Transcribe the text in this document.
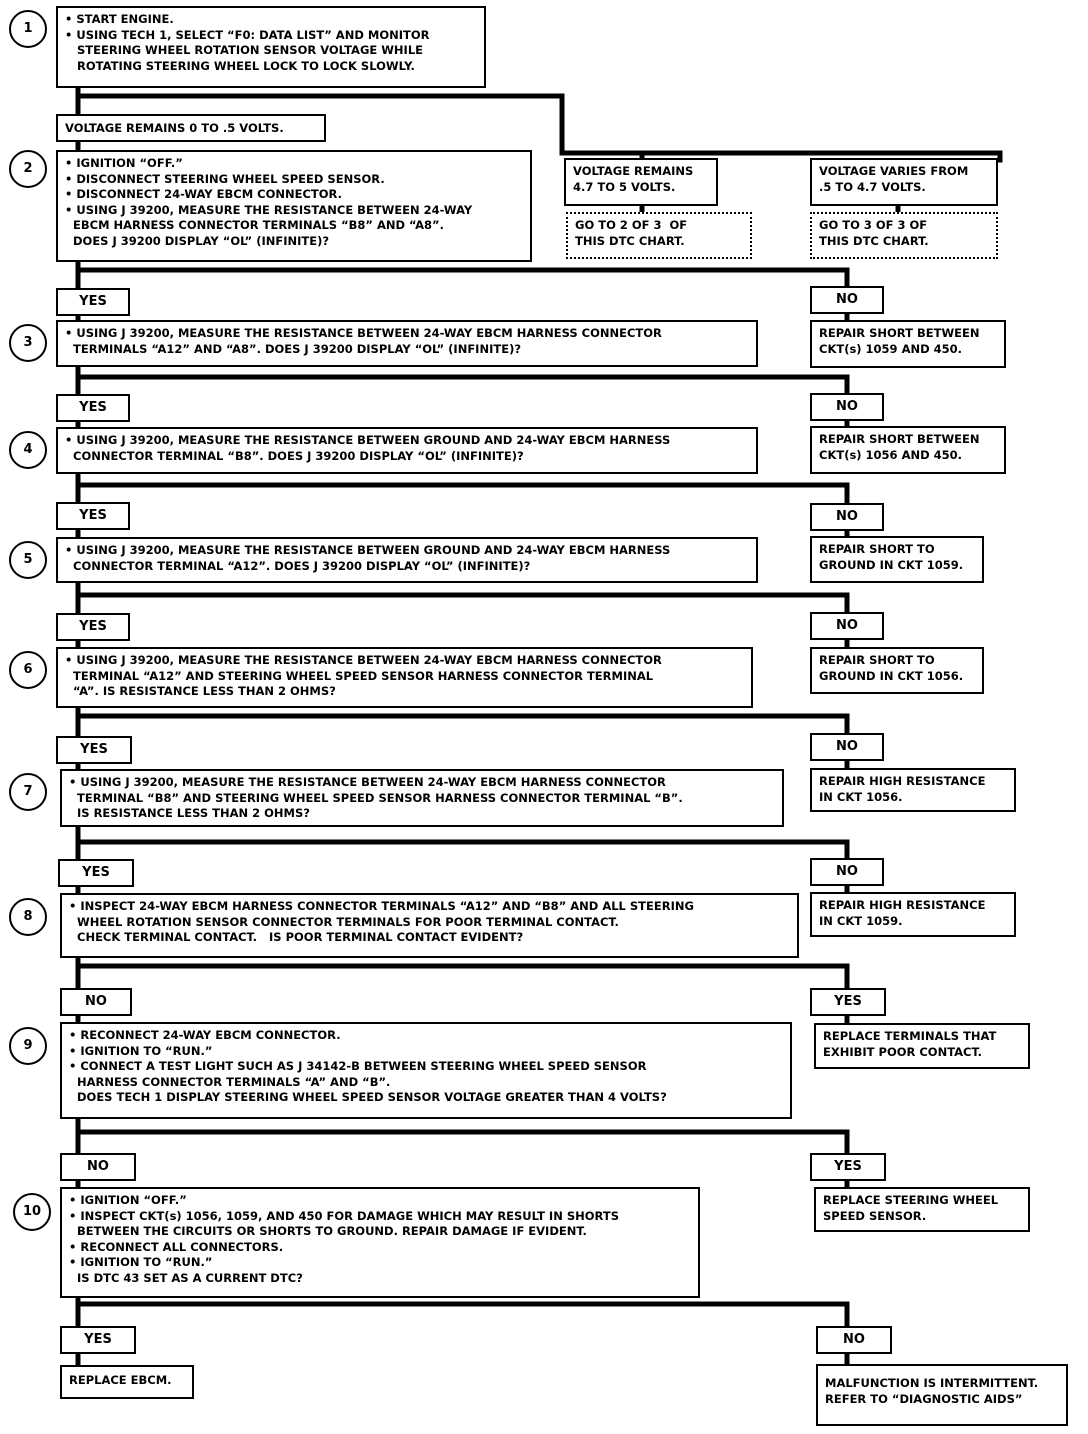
1
2
3
4
5
6
7
8
9
10
• START ENGINE.
• USING TECH 1, SELECT “F0: DATA LIST” AND MONITOR
STEERING WHEEL ROTATION SENSOR VOLTAGE WHILE
ROTATING STEERING WHEEL LOCK TO LOCK SLOWLY.
• IGNITION “OFF.”
• DISCONNECT STEERING WHEEL SPEED SENSOR.
• DISCONNECT 24-WAY EBCM CONNECTOR.
• USING J 39200, MEASURE THE RESISTANCE BETWEEN 24-WAY
EBCM HARNESS CONNECTOR TERMINALS “B8” AND “A8”.
DOES J 39200 DISPLAY “OL” (INFINITE)?
• USING J 39200, MEASURE THE RESISTANCE BETWEEN 24-WAY EBCM HARNESS CONNECTOR
TERMINALS “A12” AND “A8”. DOES J 39200 DISPLAY “OL” (INFINITE)?
• USING J 39200, MEASURE THE RESISTANCE BETWEEN GROUND AND 24-WAY EBCM HARNESS
CONNECTOR TERMINAL “B8”. DOES J 39200 DISPLAY “OL” (INFINITE)?
• USING J 39200, MEASURE THE RESISTANCE BETWEEN GROUND AND 24-WAY EBCM HARNESS
CONNECTOR TERMINAL “A12”. DOES J 39200 DISPLAY “OL” (INFINITE)?
• USING J 39200, MEASURE THE RESISTANCE BETWEEN 24-WAY EBCM HARNESS CONNECTOR
TERMINAL “A12” AND STEERING WHEEL SPEED SENSOR HARNESS CONNECTOR TERMINAL
“A”. IS RESISTANCE LESS THAN 2 OHMS?
• USING J 39200, MEASURE THE RESISTANCE BETWEEN 24-WAY EBCM HARNESS CONNECTOR
TERMINAL “B8” AND STEERING WHEEL SPEED SENSOR HARNESS CONNECTOR TERMINAL “B”.
IS RESISTANCE LESS THAN 2 OHMS?
• INSPECT 24-WAY EBCM HARNESS CONNECTOR TERMINALS “A12” AND “B8” AND ALL STEERING
WHEEL ROTATION SENSOR CONNECTOR TERMINALS FOR POOR TERMINAL CONTACT.
CHECK TERMINAL CONTACT.   IS POOR TERMINAL CONTACT EVIDENT?
• RECONNECT 24-WAY EBCM CONNECTOR.
• IGNITION TO “RUN.”
• CONNECT A TEST LIGHT SUCH AS J 34142-B BETWEEN STEERING WHEEL SPEED SENSOR
HARNESS CONNECTOR TERMINALS “A” AND “B”.
DOES TECH 1 DISPLAY STEERING WHEEL SPEED SENSOR VOLTAGE GREATER THAN 4 VOLTS?
• IGNITION “OFF.”
• INSPECT CKT(s) 1056, 1059, AND 450 FOR DAMAGE WHICH MAY RESULT IN SHORTS
BETWEEN THE CIRCUITS OR SHORTS TO GROUND. REPAIR DAMAGE IF EVIDENT.
• RECONNECT ALL CONNECTORS.
• IGNITION TO “RUN.”
IS DTC 43 SET AS A CURRENT DTC?
VOLTAGE REMAINS 0 TO .5 VOLTS.
VOLTAGE REMAINS
4.7 TO 5 VOLTS.
VOLTAGE VARIES FROM
.5 TO 4.7 VOLTS.
GO TO 2 OF 3  OF
THIS DTC CHART.
GO TO 3 OF 3 OF
THIS DTC CHART.
YES
YES
YES
YES
YES
YES
NO
NO
YES
NO
NO
NO
NO
NO
NO
YES
YES
NO
REPAIR SHORT BETWEEN
CKT(s) 1059 AND 450.
REPAIR SHORT BETWEEN
CKT(s) 1056 AND 450.
REPAIR SHORT TO
GROUND IN CKT 1059.
REPAIR SHORT TO
GROUND IN CKT 1056.
REPAIR HIGH RESISTANCE
IN CKT 1056.
REPAIR HIGH RESISTANCE
IN CKT 1059.
REPLACE TERMINALS THAT
EXHIBIT POOR CONTACT.
REPLACE STEERING WHEEL
SPEED SENSOR.
REPLACE EBCM.	MALFUNCTION IS INTERMITTENT.
REFER TO “DIAGNOSTIC AIDS”
